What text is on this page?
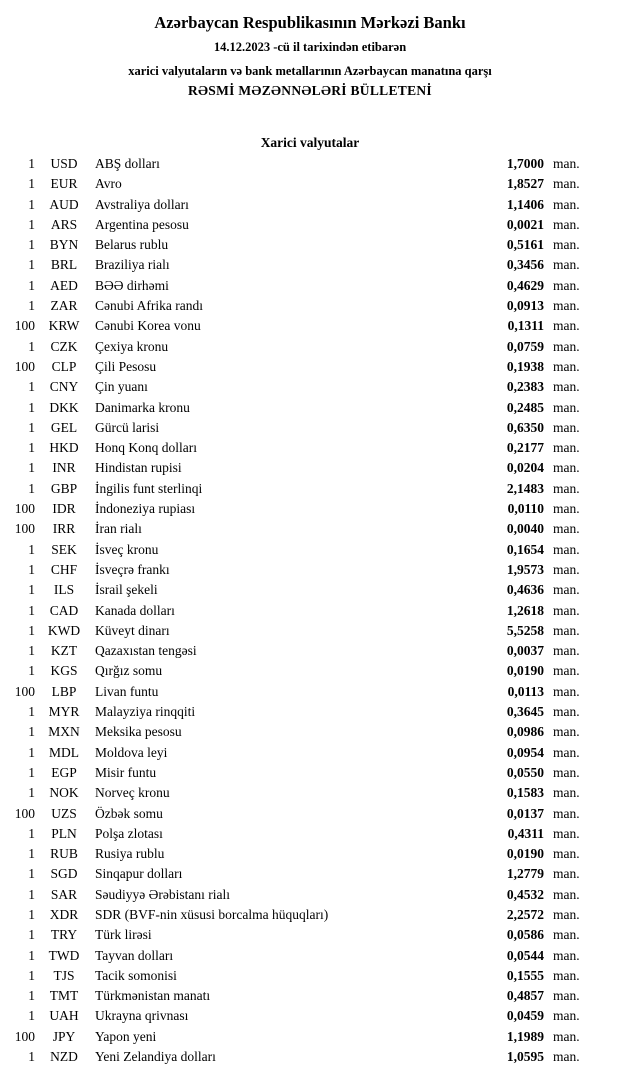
Azərbaycan Respublikasının Mərkəzi Bankı
14.12.2023 -cü il tarixindən etibarən
xarici valyutaların və bank metallarının Azərbaycan manatına qarşı
RƏSMİ MƏZƏNNƏLƏRİ BÜLLETENİ
Xarici valyutalar
1	USD	ABŞ dolları	1,7000 man.
1	EUR	Avro	1,8527 man.
1	AUD	Avstraliya dolları	1,1406 man.
1	ARS	Argentina pesosu	0,0021 man.
1	BYN	Belarus rublu	0,5161 man.
1	BRL	Braziliya rialı	0,3456 man.
1	AED	BƏƏ dirhəmi	0,4629 man.
1	ZAR	Cənubi Afrika randı	0,0913 man.
100	KRW	Cənubi Korea vonu	0,1311 man.
1	CZK	Çexiya kronu	0,0759 man.
100	CLP	Çili Pesosu	0,1938 man.
1	CNY	Çin yuanı	0,2383 man.
1	DKK	Danimarka kronu	0,2485 man.
1	GEL	Gürcü larisi	0,6350 man.
1	HKD	Honq Konq dolları	0,2177 man.
1	INR	Hindistan rupisi	0,0204 man.
1	GBP	İngilis funt sterlinqi	2,1483 man.
100	IDR	İndoneziya rupiası	0,0110 man.
100	IRR	İran rialı	0,0040 man.
1	SEK	İsveç kronu	0,1654 man.
1	CHF	İsveçrə frankı	1,9573 man.
1	ILS	İsrail şekeli	0,4636 man.
1	CAD	Kanada dolları	1,2618 man.
1 KWD	Küveyt dinarı	5,5258 man.
1	KZT	Qazaxıstan tengəsi	0,0037 man.
1	KGS	Qırğız somu	0,0190 man.
100	LBP	Livan funtu	0,0113 man.
1	MYR	Malayziya rinqqiti	0,3645 man.
1 MXN	Meksika pesosu	0,0986 man.
1	MDL	Moldova leyi	0,0954 man.
1	EGP	Misir funtu	0,0550 man.
1	NOK	Norveç kronu	0,1583 man.
100	UZS	Özbək somu	0,0137 man.
1	PLN	Polşa zlotası	0,4311 man.
1	RUB	Rusiya rublu	0,0190 man.
1	SGD	Sinqapur dolları	1,2779 man.
1	SAR	Səudiyyə Ərəbistanı rialı	0,4532 man.
1	XDR	SDR (BVF-nin xüsusi borcalma hüquqları)	2,2572 man.
1	TRY	Türk lirəsi	0,0586 man.
1	TWD	Tayvan dolları	0,0544 man.
1	TJS	Tacik somonisi	0,1555 man.
1	TMT	Türkmənistan manatı	0,4857 man.
1	UAH	Ukrayna qrivnası	0,0459 man.
100	JPY	Yapon yeni	1,1989 man.
1	NZD	Yeni Zelandiya dolları	1,0595 man.
